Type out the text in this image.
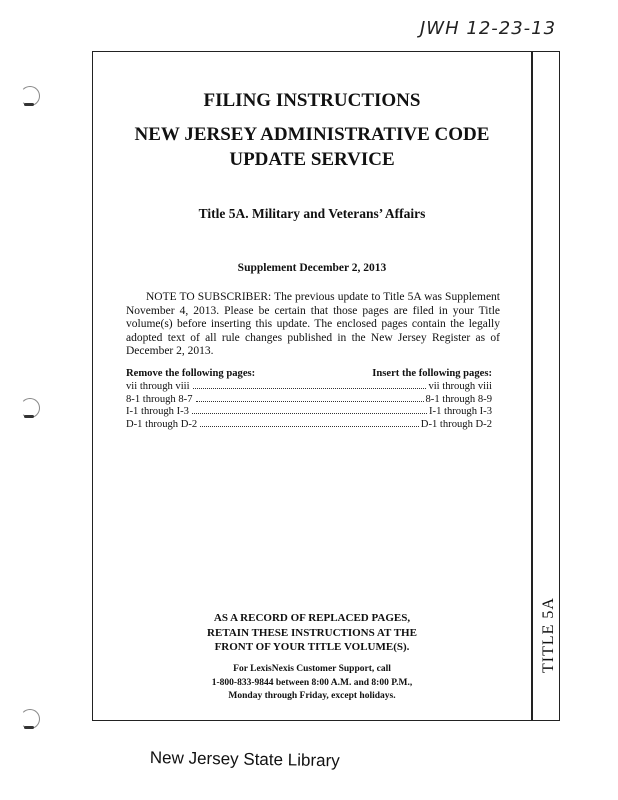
JWH 12-23-13
TITLE 5A
FILING INSTRUCTIONS
NEW JERSEY ADMINISTRATIVE CODE
UPDATE SERVICE
Title 5A. Military and Veterans’ Affairs
Supplement December 2, 2013
NOTE TO SUBSCRIBER: The previous update to Title 5A was Supplement November 4, 2013. Please be certain that those pages are filed in your Title volume(s) before inserting this update. The enclosed pages contain the legally adopted text of all rule changes published in the New Jersey Register as of December 2, 2013.
Remove the following pages:	Insert the following pages:
vii through viii	vii through viii
8-1 through 8-7	8-1 through 8-9
I-1 through I-3	I-1 through I-3
D-1 through D-2	D-1 through D-2
AS A RECORD OF REPLACED PAGES,
RETAIN THESE INSTRUCTIONS AT THE
FRONT OF YOUR TITLE VOLUME(S).
For LexisNexis Customer Support, call
1-800-833-9844 between 8:00 A.M. and 8:00 P.M.,
Monday through Friday, except holidays.
New Jersey State Library
